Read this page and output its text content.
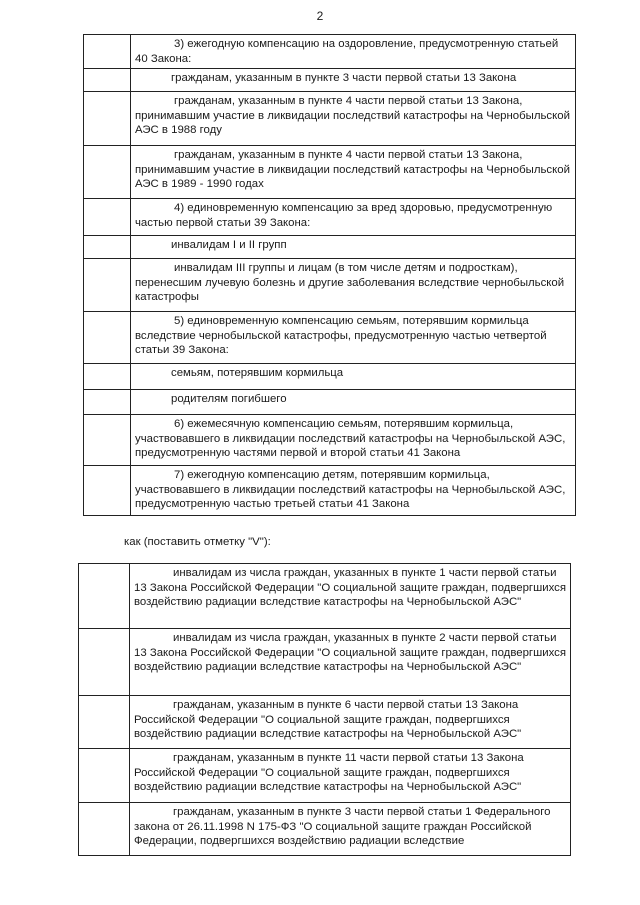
2
	3) ежегодную компенсацию на оздоровление, предусмотренную статьей 40 Закона:
	гражданам, указанным в пункте 3 части первой статьи 13 Закона
	гражданам, указанным в пункте 4 части первой статьи 13 Закона, принимавшим участие в ликвидации последствий катастрофы на Чернобыльской АЭС в 1988 году
	гражданам, указанным в пункте 4 части первой статьи 13 Закона, принимавшим участие в ликвидации последствий катастрофы на Чернобыльской АЭС в 1989 - 1990 годах
	4) единовременную компенсацию за вред здоровью, предусмотренную частью первой статьи 39 Закона:
	инвалидам I и II групп
	инвалидам III группы и лицам (в том числе детям и подросткам), перенесшим лучевую болезнь и другие заболевания вследствие чернобыльской катастрофы
	5) единовременную компенсацию семьям, потерявшим кормильца вследствие чернобыльской катастрофы, предусмотренную частью четвертой статьи 39 Закона:
	семьям, потерявшим кормильца
	родителям погибшего
	6) ежемесячную компенсацию семьям, потерявшим кормильца, участвовавшего в ликвидации последствий катастрофы на Чернобыльской АЭС, предусмотренную частями первой и второй статьи 41 Закона
	7) ежегодную компенсацию детям, потерявшим кормильца, участвовавшего в ликвидации последствий катастрофы на Чернобыльской АЭС, предусмотренную частью третьей статьи 41 Закона
как (поставить отметку "V"):
	инвалидам из числа граждан, указанных в пункте 1 части первой статьи 13 Закона Российской Федерации "О социальной защите граждан, подвергшихся воздействию радиации вследствие катастрофы на Чернобыльской АЭС"
	инвалидам из числа граждан, указанных в пункте 2 части первой статьи 13 Закона Российской Федерации "О социальной защите граждан, подвергшихся воздействию радиации вследствие катастрофы на Чернобыльской АЭС"
	гражданам, указанным в пункте 6 части первой статьи 13 Закона Российской Федерации "О социальной защите граждан, подвергшихся воздействию радиации вследствие катастрофы на Чернобыльской АЭС"
	гражданам, указанным в пункте 11 части первой статьи 13 Закона Российской Федерации "О социальной защите граждан, подвергшихся воздействию радиации вследствие катастрофы на Чернобыльской АЭС"
	гражданам, указанным в пункте 3 части первой статьи 1 Федерального закона от 26.11.1998 N 175-ФЗ "О социальной защите граждан Российской Федерации, подвергшихся воздействию радиации вследствие
